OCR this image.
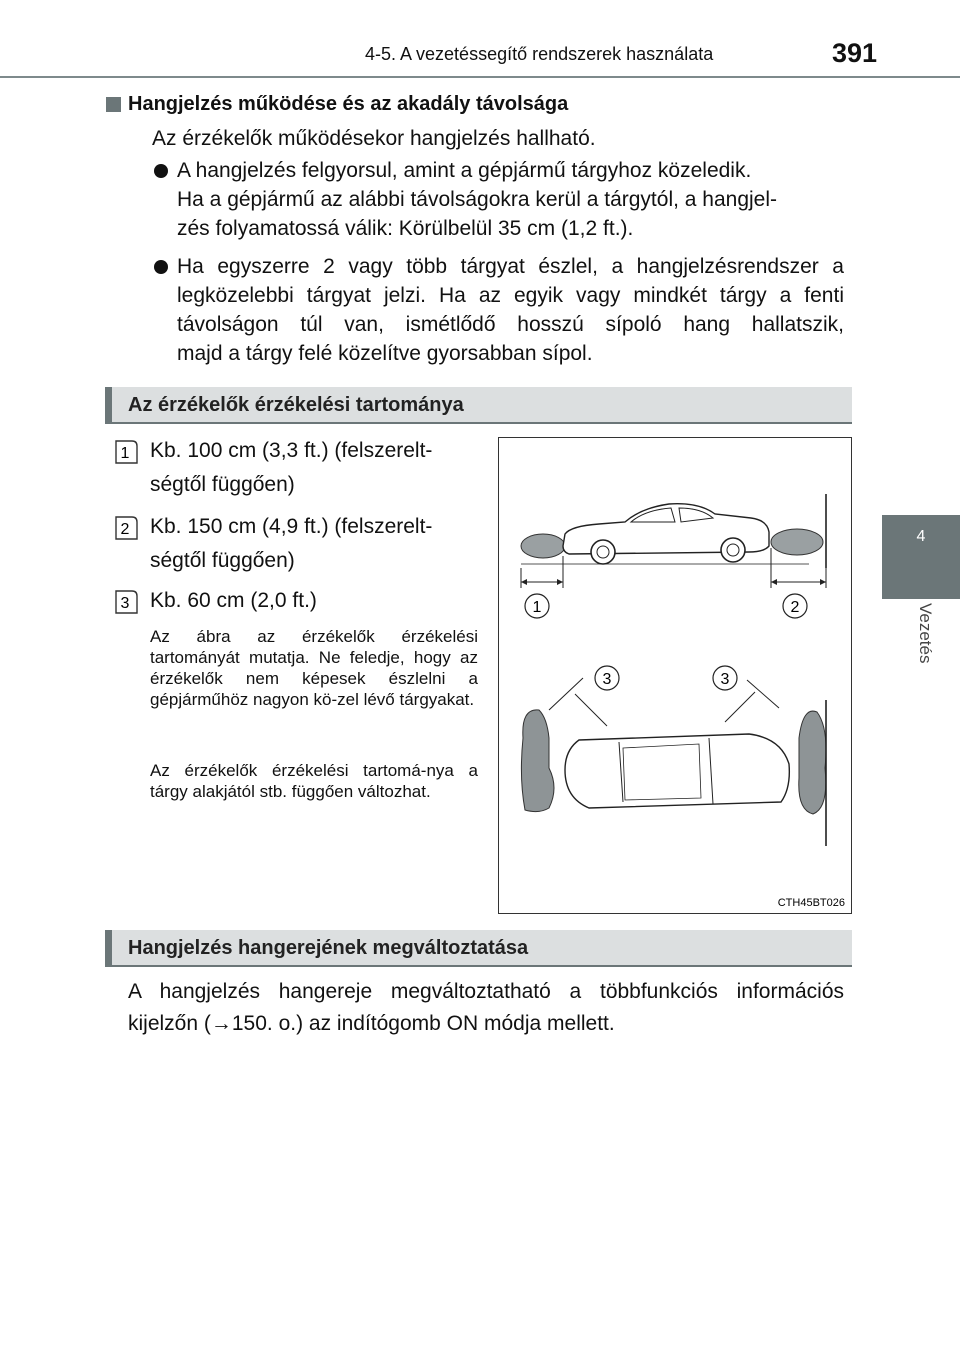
4-5. A vezetéssegítő rendszerek használata	391
4
Vezetés
Hangjelzés működése és az akadály távolsága
Az érzékelők működésekor hangjelzés hallható.
A hangjelzés felgyorsul, amint a gépjármű tárgyhoz közeledik.
Ha a gépjármű az alábbi távolságokra kerül a tárgytól, a hangjel-
zés folyamatossá válik: Körülbelül 35 cm (1,2 ft.).
Ha egyszerre 2 vagy több tárgyat észlel, a hangjelzésrendszer a
legközelebbi tárgyat jelzi. Ha az egyik vagy mindkét tárgy a fenti
távolságon túl van, ismétlődő hosszú sípoló hang hallatszik,
majd a tárgy felé közelítve gyorsabban sípol.
Az érzékelők érzékelési tartománya
1 Kb. 100 cm (3,3 ft.) (felszerelt-
ségtől függően)
2 Kb. 150 cm (4,9 ft.) (felszerelt-
ségtől függően)
3 Kb. 60 cm (2,0 ft.)
Az ábra az érzékelők érzékelési tartományát mutatja. Ne feledje, hogy az érzékelők nem képesek észlelni a gépjárműhöz nagyon kö-zel lévő tárgyakat.
Az érzékelők érzékelési tartomá-nya a tárgy alakjától stb. függően változhat.
1	2
3	3
CTH45BT026
Hangjelzés hangerejének megváltoztatása
A hangjelzés hangereje megváltoztatható a többfunkciós információs
kijelzőn (→150. o.) az indítógomb ON módja mellett.
